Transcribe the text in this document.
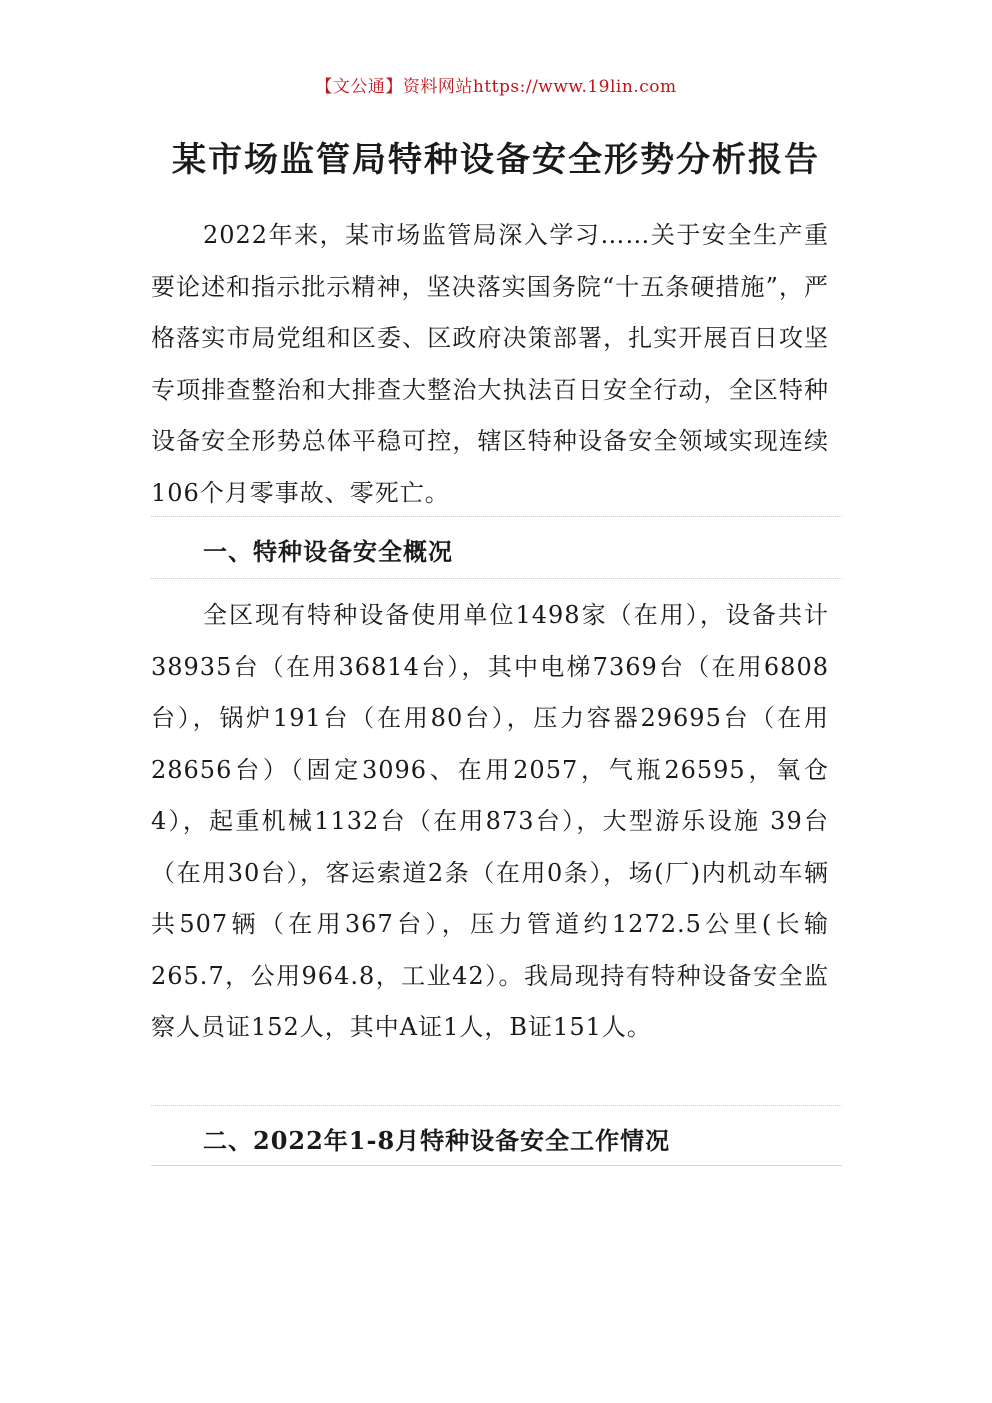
【文公通】资料网站https://www.19lin.com
某市场监管局特种设备安全形势分析报告

2022年来，某市场监管局深入学习……关于安全生产重要论述和指示批示精神，坚决落实国务院“十五条硬措施”，严格落实市局党组和区委、区政府决策部署，扎实开展百日攻坚专项排查整治和大排查大整治大执法百日安全行动，全区特种设备安全形势总体平稳可控，辖区特种设备安全领域实现连续106个月零事故、零死亡。

一、特种设备安全概况

全区现有特种设备使用单位1498家（在用），设备共计38935台（在用36814台），其中电梯7369台（在用6808台），锅炉191台（在用80台），压力容器29695台（在用28656台）（固定3096、在用2057，气瓶26595，氧仓4），起重机械1132台（在用873台），大型游乐设施 39台（在用30台），客运索道2条（在用0条），场(厂)内机动车辆共507辆（在用367台），压力管道约1272.5公里(长输265.7，公用964.8，工业42）。我局现持有特种设备安全监察人员证152人，其中A证1人，B证151人。

二、2022年1-8月特种设备安全工作情况
